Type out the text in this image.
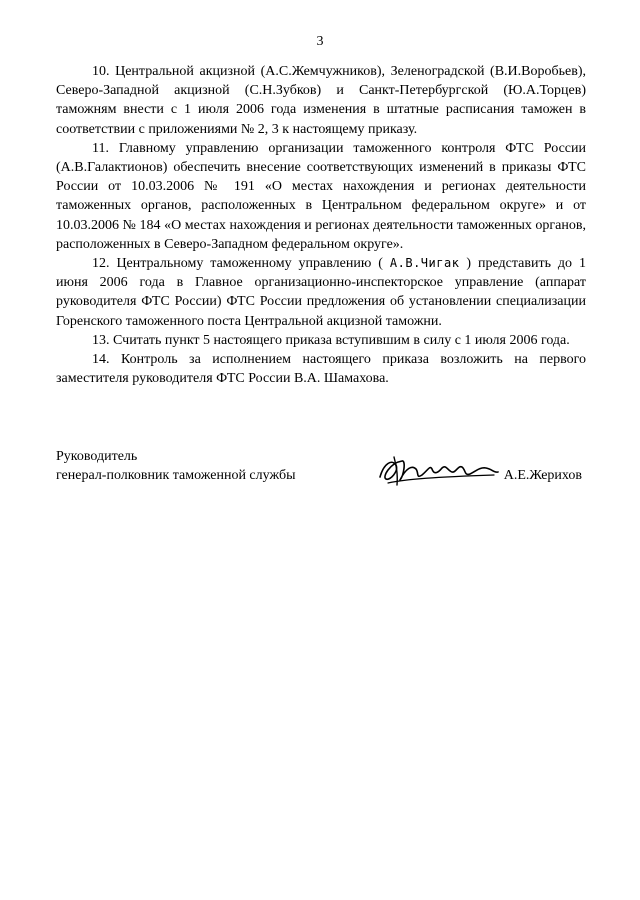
3

10. Центральной акцизной (А.С.Жемчужников), Зеленоградской (В.И.Воробьев), Северо-Западной акцизной (С.Н.Зубков) и Санкт-Петербургской (Ю.А.Торцев) таможням внести с 1 июля 2006 года изменения в штатные расписания таможен в соответствии с приложениями № 2, 3 к настоящему приказу.

11. Главному управлению организации таможенного контроля ФТС России (А.В.Галактионов) обеспечить внесение соответствующих изменений в приказы ФТС России от 10.03.2006 № 191 «О местах нахождения и регионах деятельности таможенных органов, расположенных в Центральном федеральном округе» и от 10.03.2006 № 184 «О местах нахождения и регионах деятельности таможенных органов, расположенных в Северо-Западном федеральном округе».

12. Центральному таможенному управлению ( А.В.Чигак ) представить до 1 июня 2006 года в Главное организационно-инспекторское управление (аппарат руководителя ФТС России) ФТС России предложения об установлении специализации Горенского таможенного поста Центральной акцизной таможни.

13. Считать пункт 5 настоящего приказа вступившим в силу с 1 июля 2006 года.

14. Контроль за исполнением настоящего приказа возложить на первого заместителя руководителя ФТС России В.А. Шамахова.

Руководитель
генерал-полковник таможенной службы	А.Е.Жерихов
